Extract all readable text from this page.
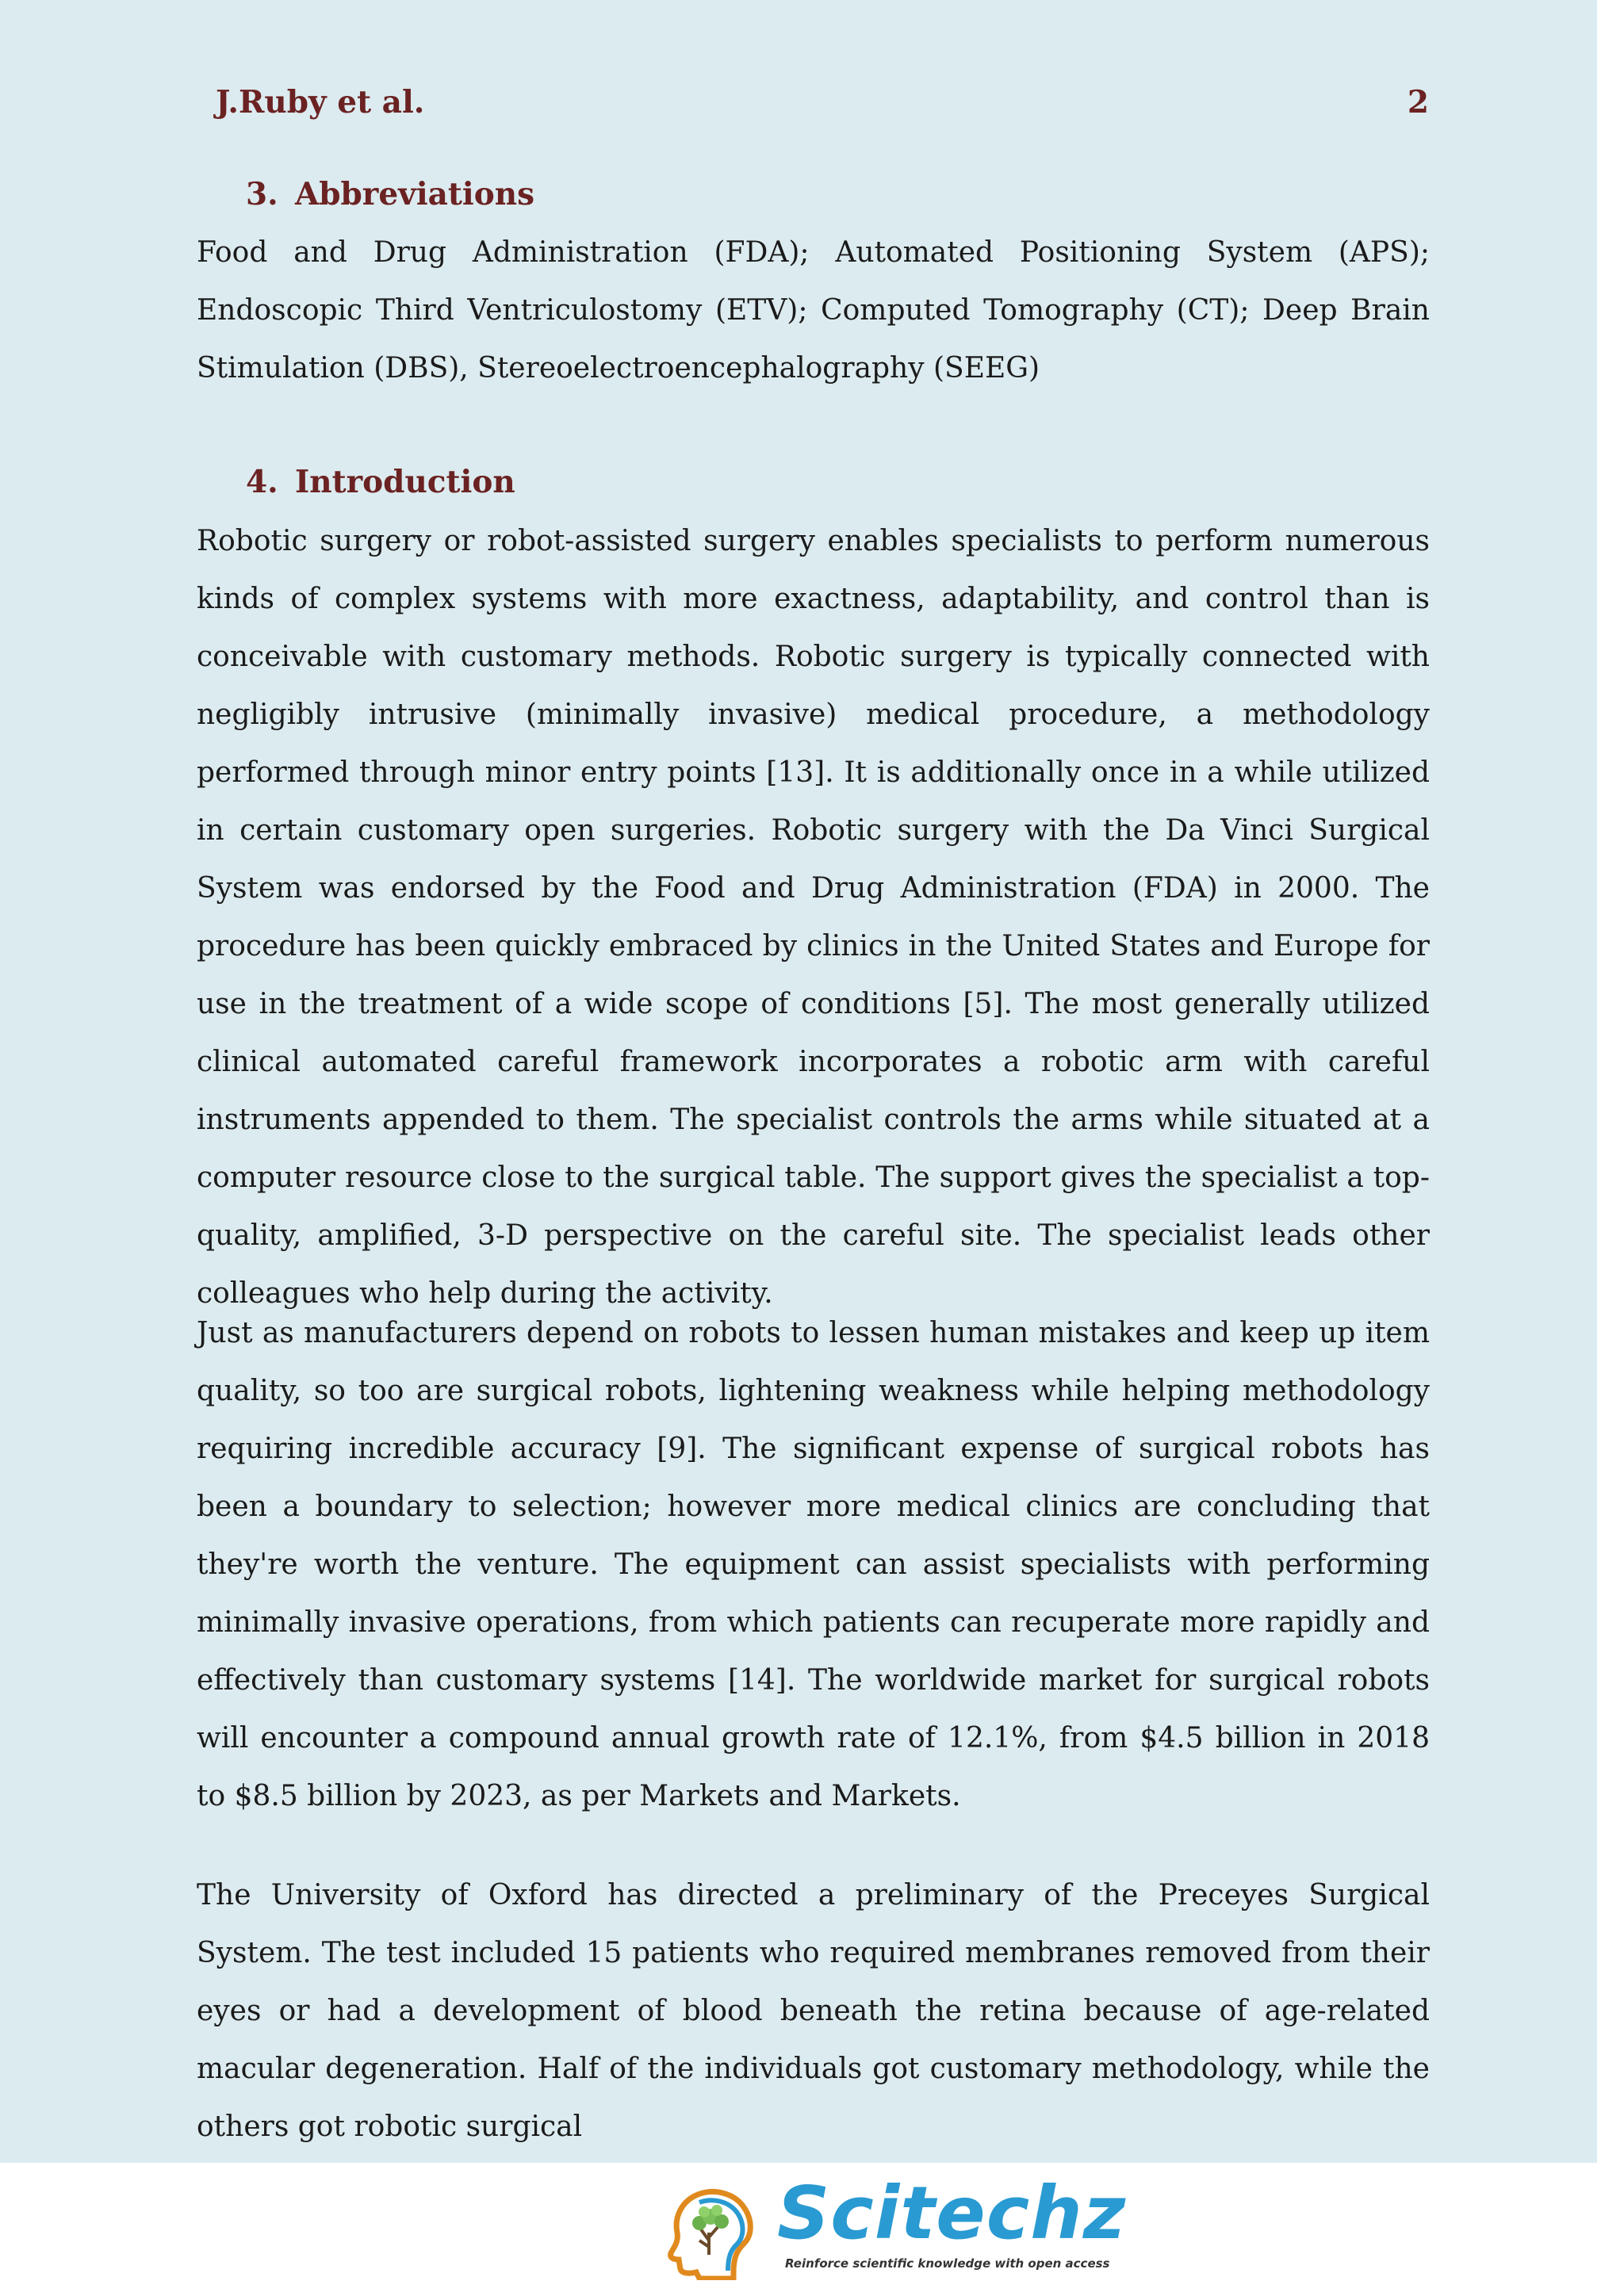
J.Ruby et al.	2
3. Abbreviations

Food and Drug Administration (FDA); Automated Positioning System (APS); Endoscopic Third Ventriculostomy (ETV); Computed Tomography (CT); Deep Brain Stimulation (DBS), Stereoelectroencephalography (SEEG)

4. Introduction

Robotic surgery or robot-assisted surgery enables specialists to perform numerous kinds of complex systems with more exactness, adaptability, and control than is conceivable with customary methods. Robotic surgery is typically connected with negligibly intrusive (minimally invasive) medical procedure, a methodology performed through minor entry points [13]. It is additionally once in a while utilized in certain customary open surgeries. Robotic surgery with the Da Vinci Surgical System was endorsed by the Food and Drug Administration (FDA) in 2000. The procedure has been quickly embraced by clinics in the United States and Europe for use in the treatment of a wide scope of conditions [5]. The most generally utilized clinical automated careful framework incorporates a robotic arm with careful instruments appended to them. The specialist controls the arms while situated at a computer resource close to the surgical table. The support gives the specialist a top-quality, amplified, 3-D perspective on the careful site. The specialist leads other colleagues who help during the activity.

Just as manufacturers depend on robots to lessen human mistakes and keep up item quality, so too are surgical robots, lightening weakness while helping methodology requiring incredible accuracy [9]. The significant expense of surgical robots has been a boundary to selection; however more medical clinics are concluding that they're worth the venture. The equipment can assist specialists with performing minimally invasive operations, from which patients can recuperate more rapidly and effectively than customary systems [14]. The worldwide market for surgical robots will encounter a compound annual growth rate of 12.1%, from $4.5 billion in 2018 to $8.5 billion by 2023, as per Markets and Markets.

The University of Oxford has directed a preliminary of the Preceyes Surgical System. The test included 15 patients who required membranes removed from their eyes or had a development of blood beneath the retina because of age-related macular degeneration. Half of the individuals got customary methodology, while the others got robotic surgical

Scitechz
Reinforce scientific knowledge with open access
